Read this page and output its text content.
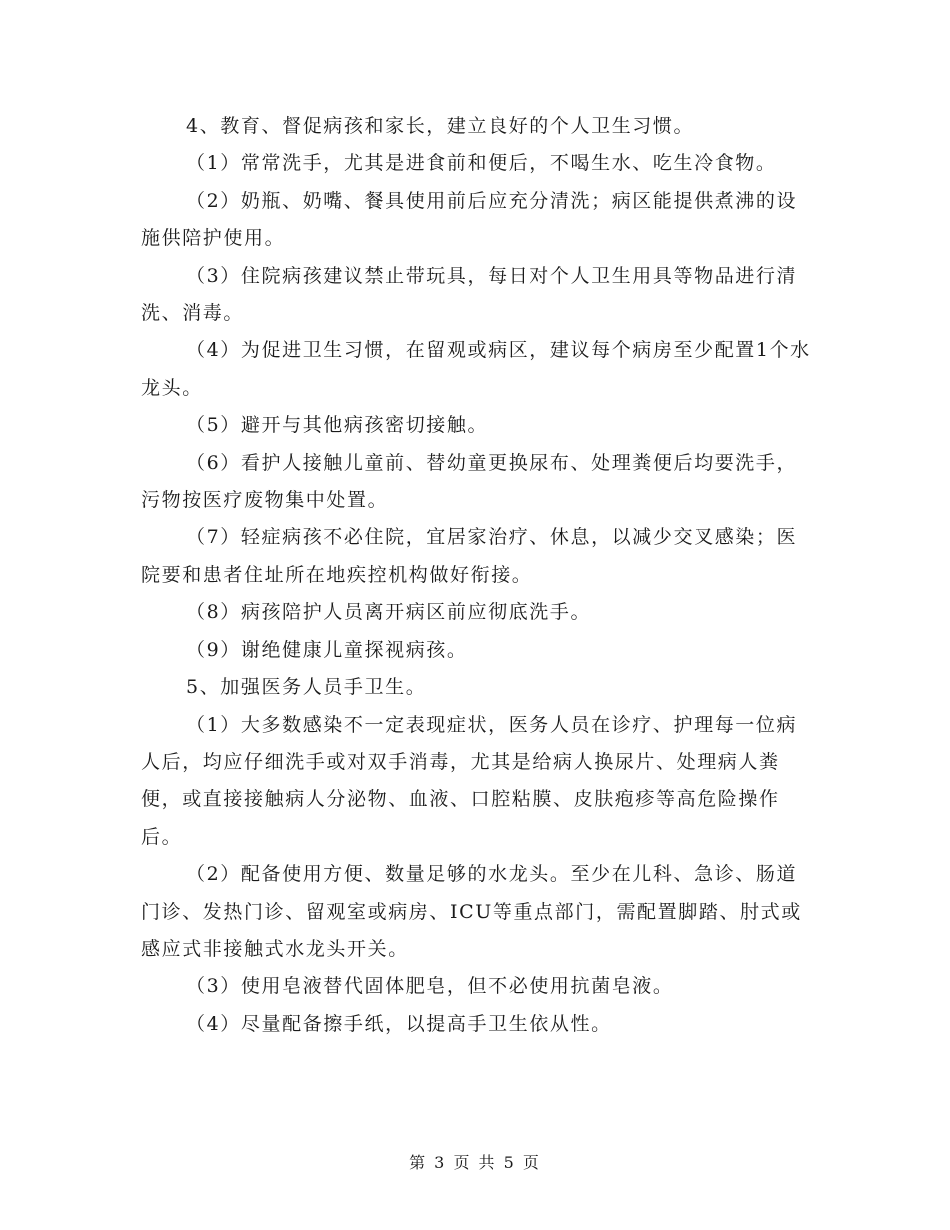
4、教育、督促病孩和家长，建立良好的个人卫生习惯。

（1）常常洗手，尤其是进食前和便后，不喝生水、吃生冷食物。

（2）奶瓶、奶嘴、餐具使用前后应充分清洗；病区能提供煮沸的设施供陪护使用。

（3）住院病孩建议禁止带玩具，每日对个人卫生用具等物品进行清洗、消毒。

（4）为促进卫生习惯，在留观或病区，建议每个病房至少配置1个水龙头。

（5）避开与其他病孩密切接触。

（6）看护人接触儿童前、替幼童更换尿布、处理粪便后均要洗手，污物按医疗废物集中处置。

（7）轻症病孩不必住院，宜居家治疗、休息，以减少交叉感染；医院要和患者住址所在地疾控机构做好衔接。

（8）病孩陪护人员离开病区前应彻底洗手。

（9）谢绝健康儿童探视病孩。

5、加强医务人员手卫生。

（1）大多数感染不一定表现症状，医务人员在诊疗、护理每一位病人后，均应仔细洗手或对双手消毒，尤其是给病人换尿片、处理病人粪便，或直接接触病人分泌物、血液、口腔粘膜、皮肤疱疹等高危险操作后。

（2）配备使用方便、数量足够的水龙头。至少在儿科、急诊、肠道门诊、发热门诊、留观室或病房、ICU等重点部门，需配置脚踏、肘式或感应式非接触式水龙头开关。

（3）使用皂液替代固体肥皂，但不必使用抗菌皂液。

（4）尽量配备擦手纸，以提高手卫生依从性。

第 3 页 共 5 页
